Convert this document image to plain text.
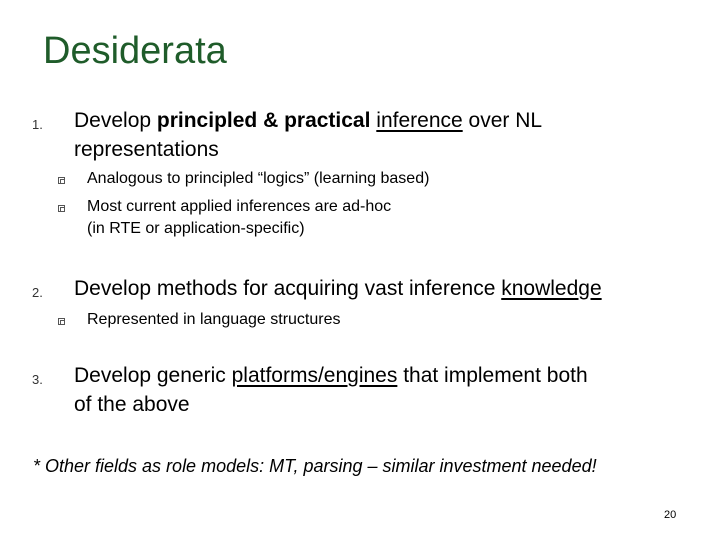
Desiderata
1. Develop principled & practical inference over NL
representations
Analogous to principled “logics” (learning based)
Most current applied inferences are ad-hoc
(in RTE or application-specific)
2. Develop methods for acquiring vast inference knowledge
Represented in language structures
3. Develop generic platforms/engines that implement both
of the above
* Other fields as role models: MT, parsing – similar investment needed!
20
